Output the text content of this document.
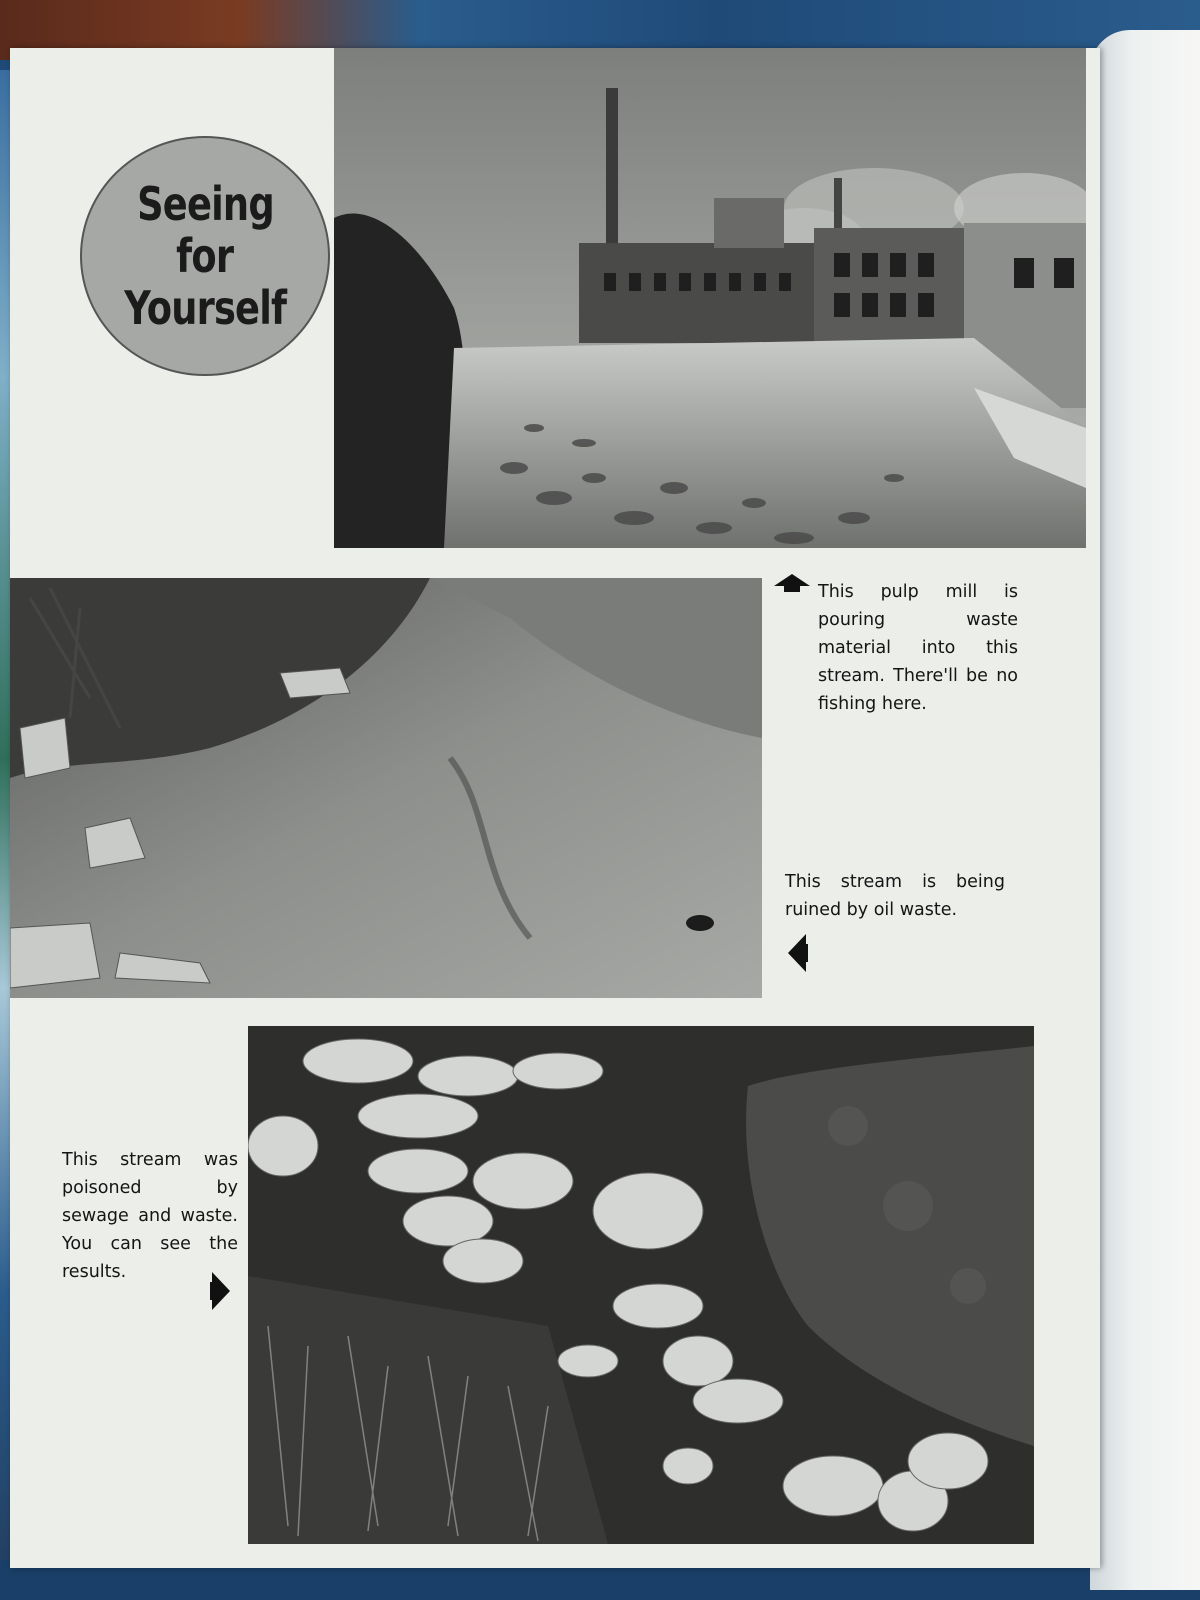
Seeing
for
Yourself
This pulp mill is pouring waste material into this stream. There'll be no fishing here.
This stream is being ruined by oil waste.
This stream was poisoned by sewage and waste. You can see the results.
